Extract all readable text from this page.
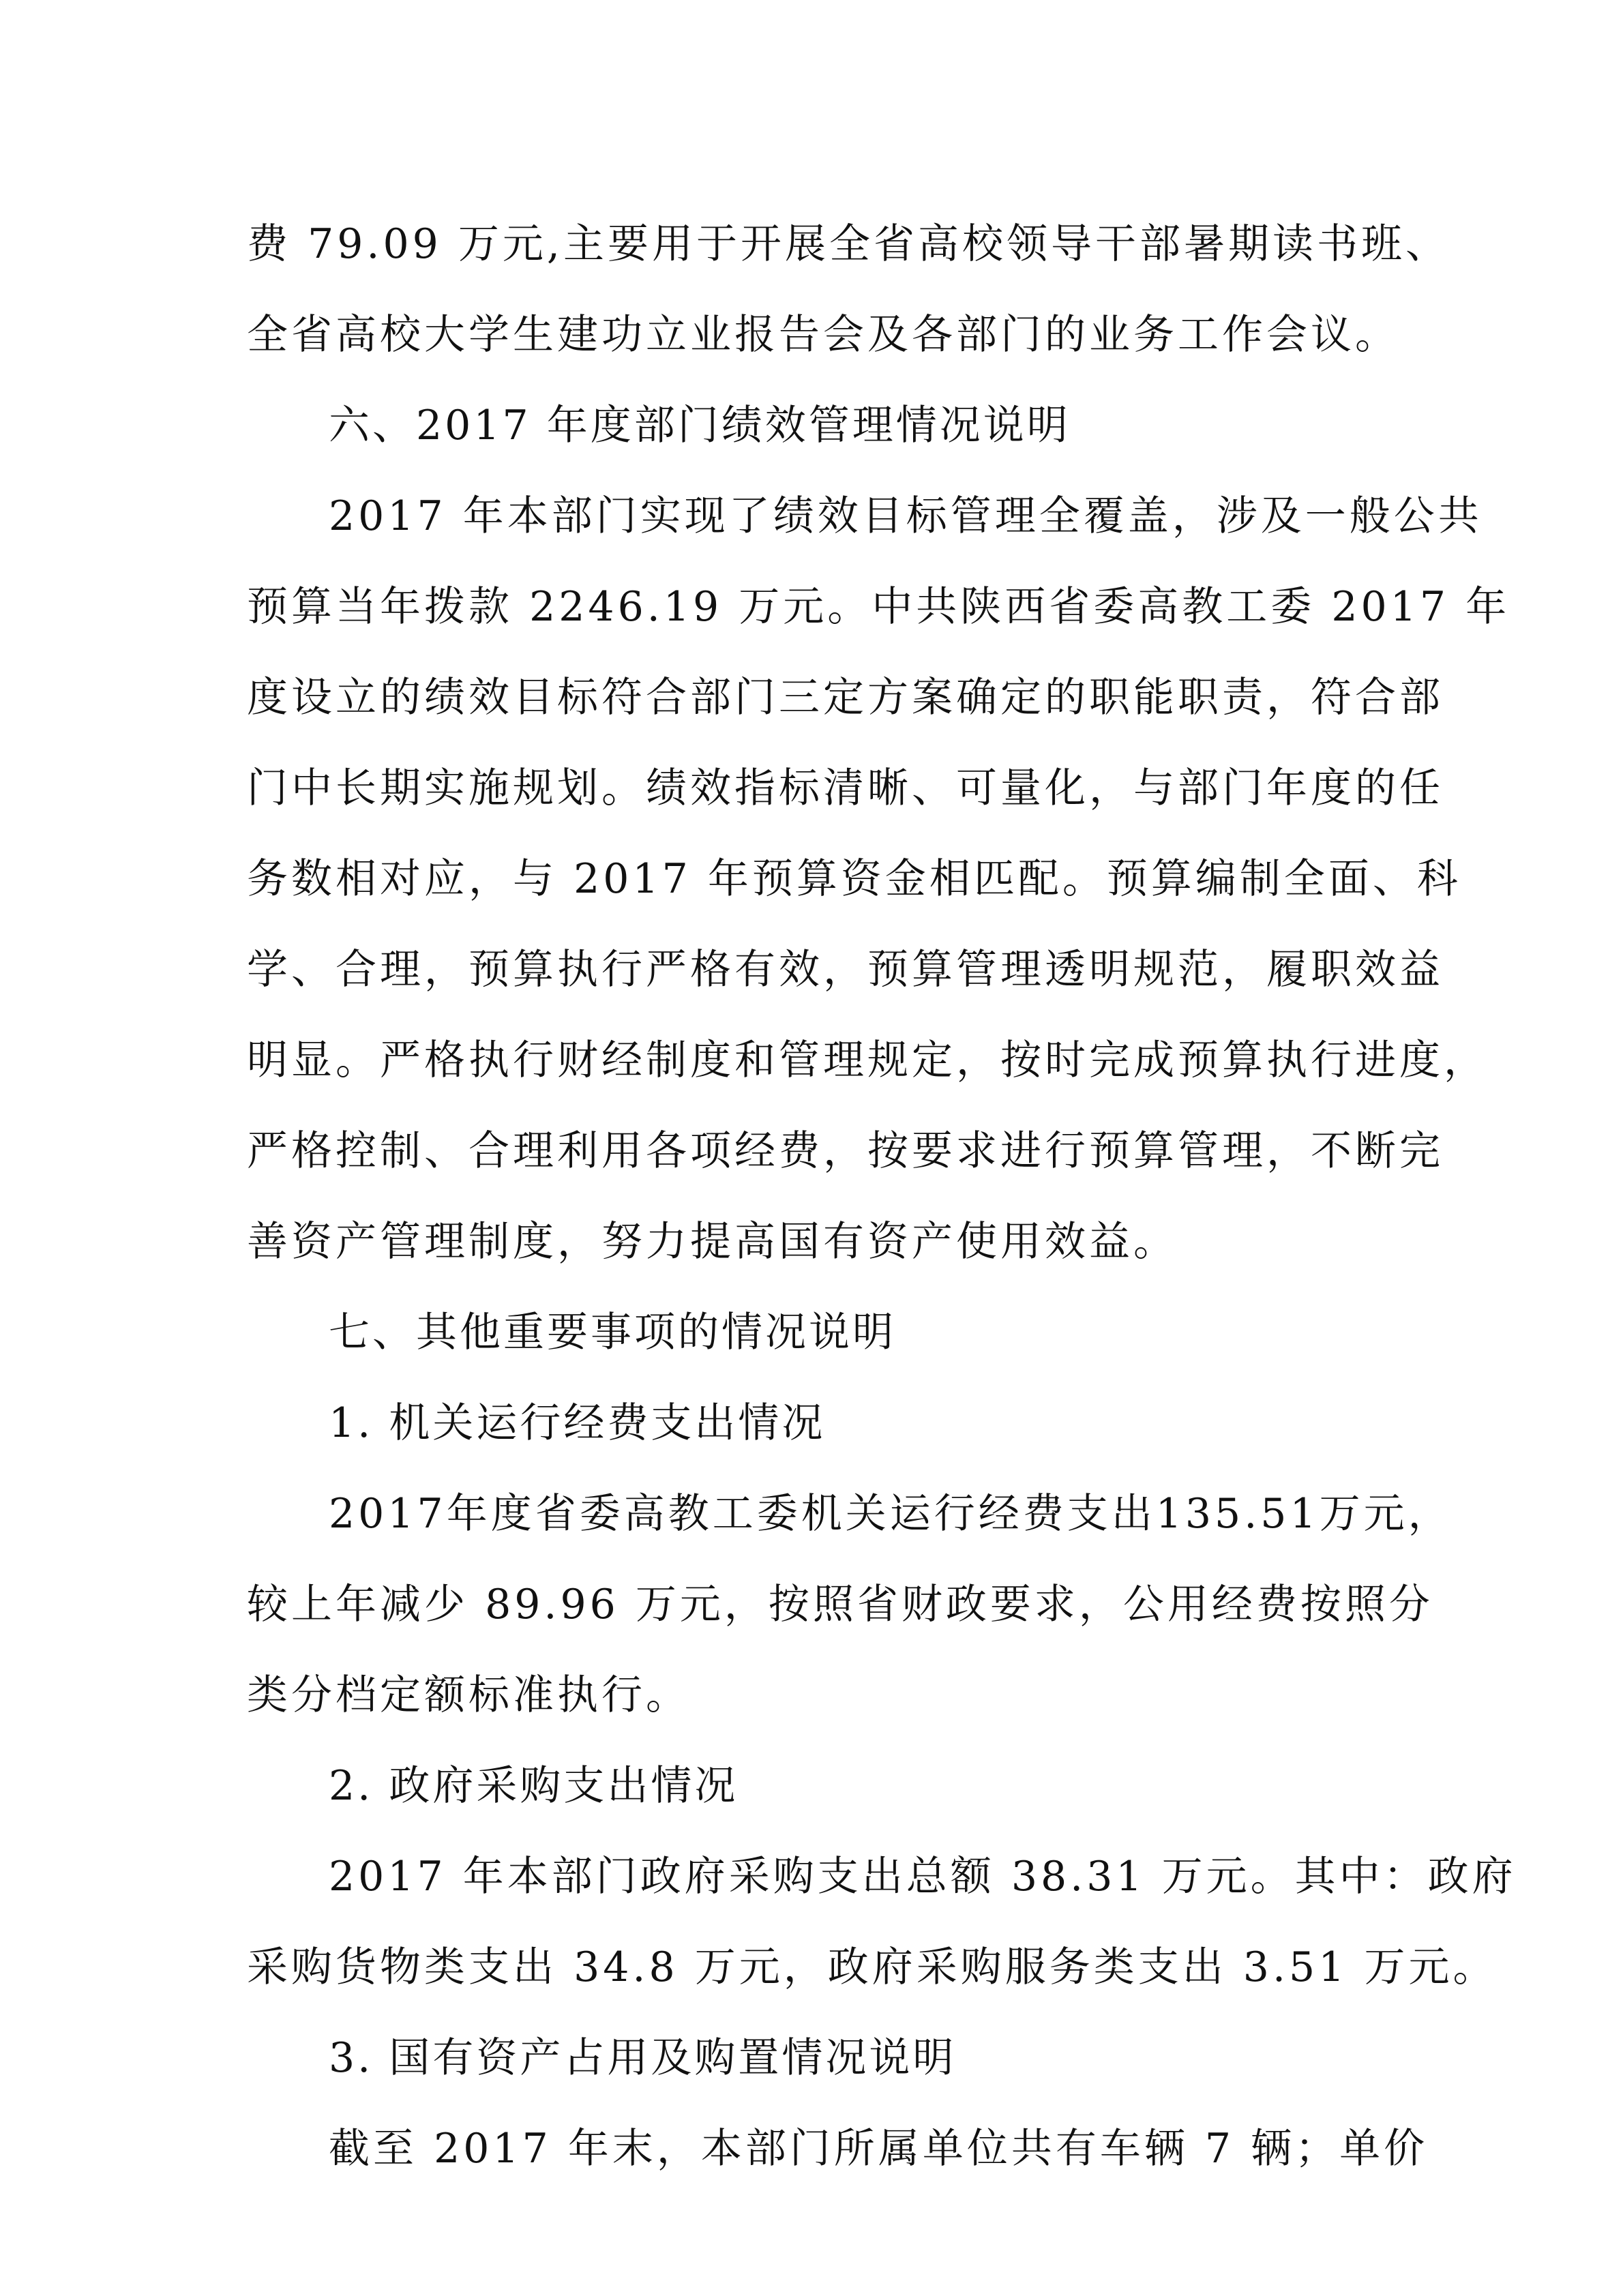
费 79.09 万元,主要用于开展全省高校领导干部暑期读书班、
全省高校大学生建功立业报告会及各部门的业务工作会议。
六、2017 年度部门绩效管理情况说明
2017 年本部门实现了绩效目标管理全覆盖，涉及一般公共
预算当年拨款 2246.19 万元。中共陕西省委高教工委 2017 年
度设立的绩效目标符合部门三定方案确定的职能职责，符合部
门中长期实施规划。绩效指标清晰、可量化，与部门年度的任
务数相对应，与 2017 年预算资金相匹配。预算编制全面、科
学、合理，预算执行严格有效，预算管理透明规范，履职效益
明显。严格执行财经制度和管理规定，按时完成预算执行进度，
严格控制、合理利用各项经费，按要求进行预算管理，不断完
善资产管理制度，努力提高国有资产使用效益。
七、其他重要事项的情况说明
1. 机关运行经费支出情况
2017年度省委高教工委机关运行经费支出135.51万元，
较上年减少 89.96 万元，按照省财政要求，公用经费按照分
类分档定额标准执行。
2. 政府采购支出情况
2017 年本部门政府采购支出总额 38.31 万元。其中：政府
采购货物类支出 34.8 万元，政府采购服务类支出 3.51 万元。
3. 国有资产占用及购置情况说明
截至 2017 年末，本部门所属单位共有车辆 7 辆；单价
